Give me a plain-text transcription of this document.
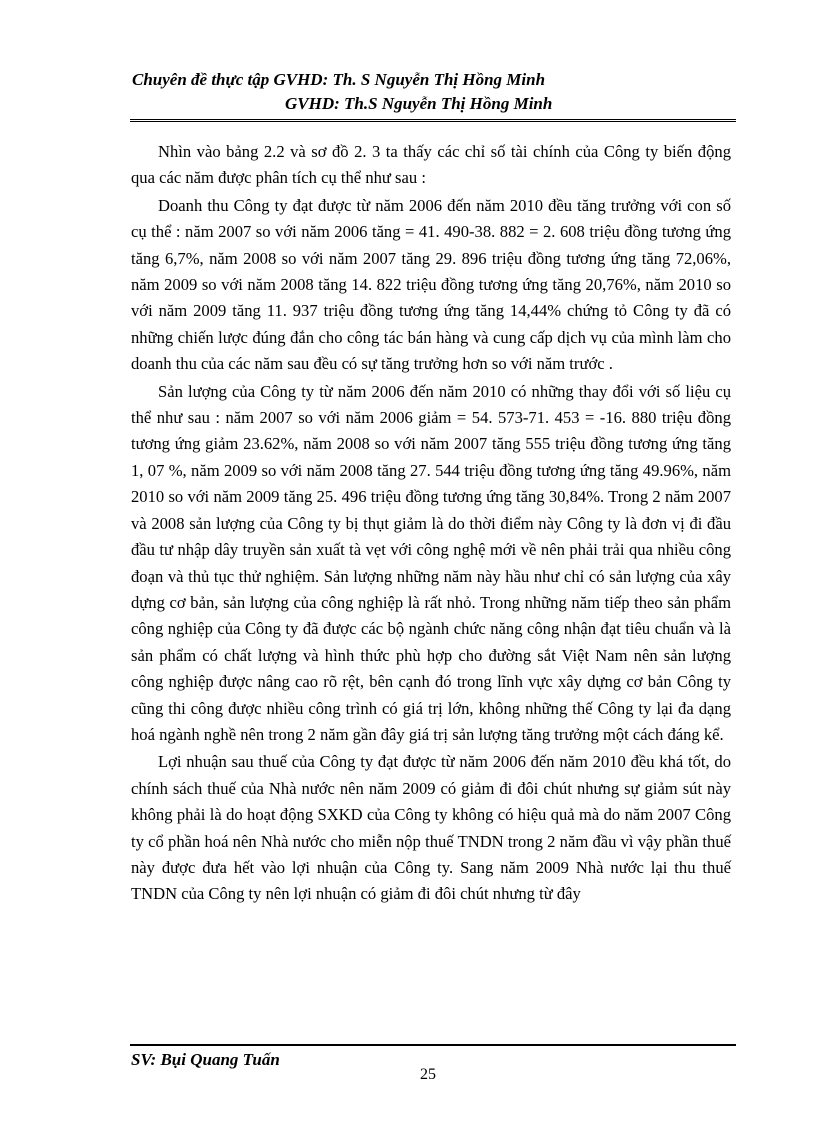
Chuyên đề thực tập GVHD: Th. S Nguyễn Thị Hồng Minh
GVHD: Th.S Nguyễn Thị Hồng Minh

Nhìn vào bảng 2.2 và sơ đồ 2. 3 ta thấy các chỉ số tài chính của Công ty biến động qua các năm được phân tích cụ thể như sau :

Doanh thu Công ty đạt được từ năm 2006 đến năm 2010 đều tăng trưởng với con số cụ thể : năm 2007 so với năm 2006 tăng = 41. 490-38. 882 = 2. 608 triệu đồng tương ứng tăng 6,7%, năm 2008 so với năm 2007 tăng 29. 896 triệu đồng tương ứng tăng 72,06%, năm 2009 so với năm 2008 tăng 14. 822 triệu đồng tương ứng tăng 20,76%, năm 2010 so với năm 2009 tăng 11. 937 triệu đồng tương ứng tăng 14,44% chứng tỏ Công ty đã có những chiến lược đúng đắn cho công tác bán hàng và cung cấp dịch vụ của mình làm cho doanh thu của các năm sau đều có sự tăng trưởng hơn so với năm trước .

Sản lượng của Công ty từ năm 2006 đến năm 2010 có những thay đổi với số liệu cụ thể như sau : năm 2007 so với năm 2006 giảm = 54. 573-71. 453 = -16. 880 triệu đồng tương ứng giảm 23.62%, năm 2008 so với năm 2007 tăng 555 triệu đồng tương ứng tăng 1, 07 %, năm 2009 so với năm 2008 tăng 27. 544 triệu đồng tương ứng tăng 49.96%, năm 2010 so với năm 2009 tăng 25. 496 triệu đồng tương ứng tăng 30,84%. Trong 2 năm 2007 và 2008 sản lượng của Công ty bị thụt giảm là do thời điểm này Công ty là đơn vị đi đầu đầu tư nhập dây truyền sản xuất tà vẹt với công nghệ mới về nên phải trải qua nhiều công đoạn và thủ tục thử nghiệm. Sản lượng những năm này hầu như chỉ có sản lượng của xây dựng cơ bản, sản lượng của công nghiệp là rất nhỏ. Trong những năm tiếp theo sản phẩm công nghiệp của Công ty đã được các bộ ngành chức năng công nhận đạt tiêu chuẩn và là sản phẩm có chất lượng và hình thức phù hợp cho đường sắt Việt Nam nên sản lượng công nghiệp được nâng cao rõ rệt, bên cạnh đó trong lĩnh vực xây dựng cơ bản Công ty cũng thi công được nhiều công trình có giá trị lớn, không những thế Công ty lại đa dạng hoá ngành nghề nên trong 2 năm gần đây giá trị sản lượng tăng trưởng một cách đáng kể.

Lợi nhuận sau thuế của Công ty đạt được từ năm 2006 đến năm 2010 đều khá tốt, do chính sách thuế của Nhà nước nên năm 2009 có giảm đi đôi chút nhưng sự giảm sút này không phải là do hoạt động SXKD của Công ty không có hiệu quả mà do năm 2007 Công ty cổ phần hoá nên Nhà nước cho miễn nộp thuế TNDN trong 2 năm đầu vì vậy phần thuế này được đưa hết vào lợi nhuận của Công ty. Sang năm 2009 Nhà nước lại thu thuế TNDN của Công ty nên lợi nhuận có giảm đi đôi chút nhưng từ đây

SV: Bụi Quang Tuấn
25
